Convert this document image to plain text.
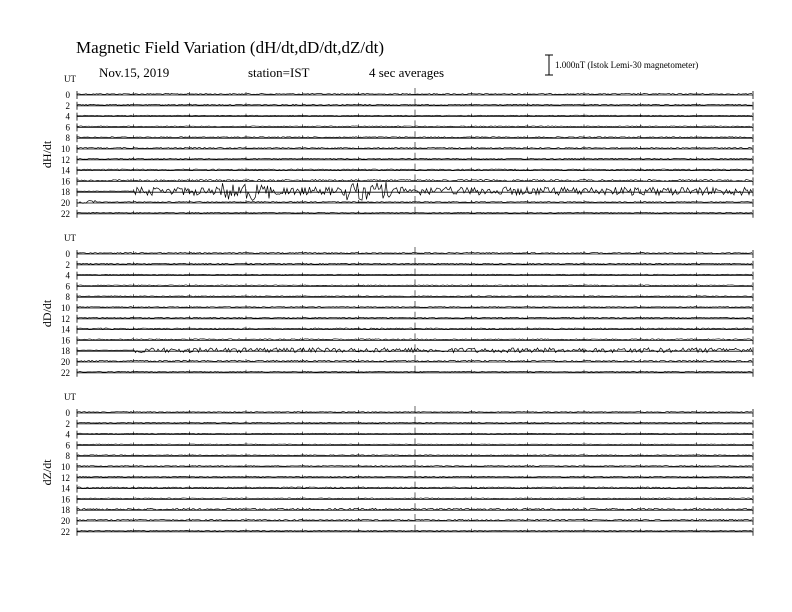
Magnetic Field Variation (dH/dt,dD/dt,dZ/dt)
Nov.15, 2019	station=IST	4 sec averages	1.000nT (Istok Lemi-30 magnetometer)
UT
dH/dt
0
2
4
6
8
10
12
14
16
18
20
22
UT
dD/dt
0
2
4
6
8
10
12
14
16
18
20
22
UT
dZ/dt
0
2
4
6
8
10
12
14
16
18
20
22
